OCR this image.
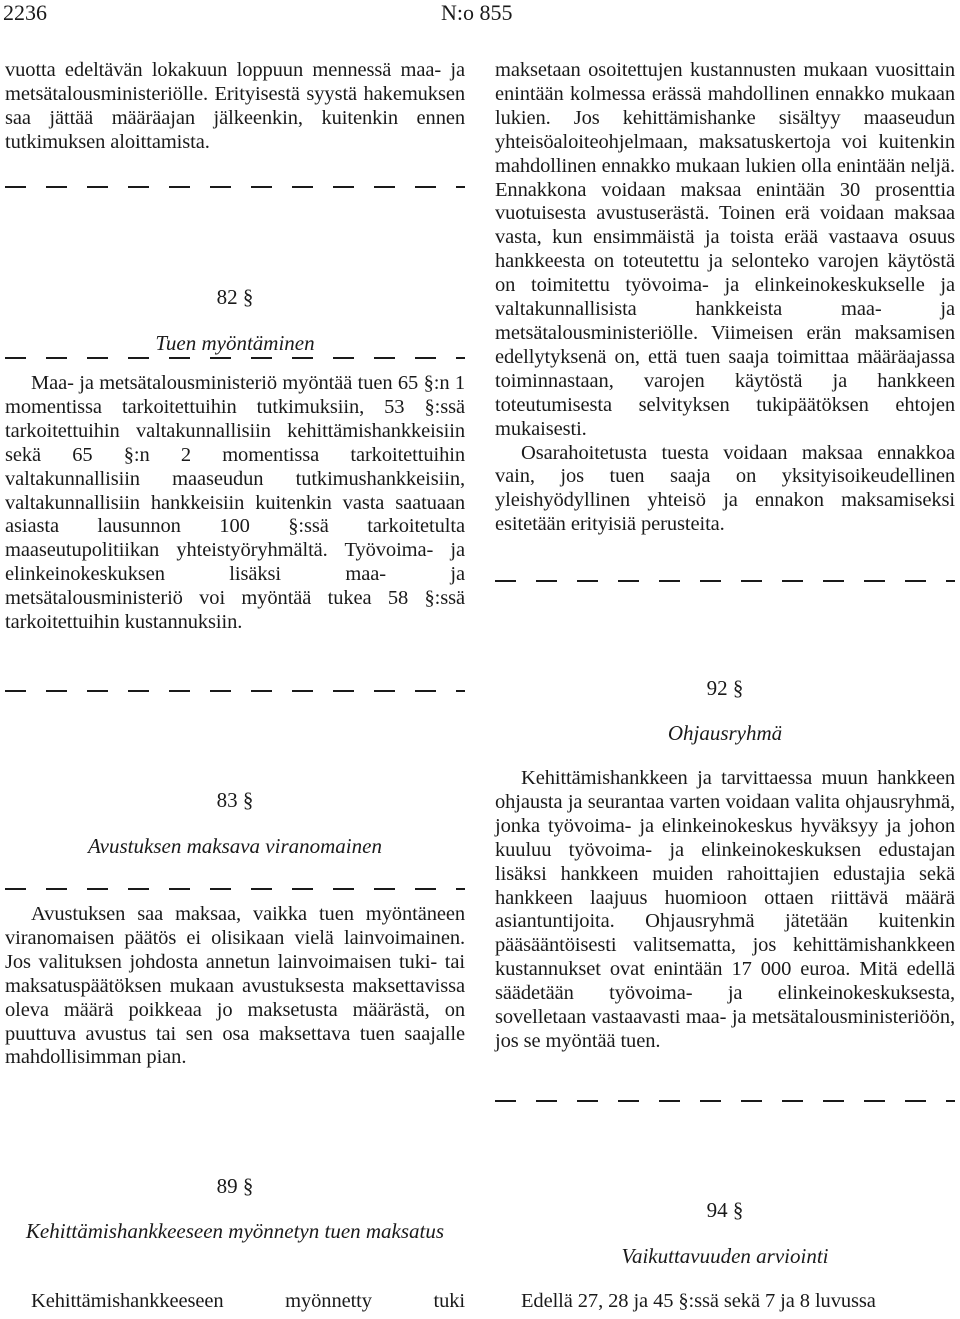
2236	N:o 855

vuotta edeltävän lokakuun loppuun mennessä maa- ja metsätalousministeriölle. Erityisestä syystä hakemuksen saa jättää määräajan jälkeenkin, kuitenkin ennen tutkimuksen aloittamista.

82 §
Tuen myöntäminen

Maa- ja metsätalousministeriö myöntää tuen 65 §:n 1 momentissa tarkoitettuihin tutkimuksiin, 53 §:ssä tarkoitettuihin valtakunnallisiin kehittämishankkeisiin sekä 65 §:n 2 momentissa tarkoitettuihin valtakunnallisiin maaseudun tutkimushankkeisiin, valtakunnallisiin hankkeisiin kuitenkin vasta saatuaan asiasta lausunnon 100 §:ssä tarkoitetulta maaseutupolitiikan yhteistyöryhmältä. Työvoima- ja elinkeinokeskuksen lisäksi maa- ja metsätalousministeriö voi myöntää tukea 58 §:ssä tarkoitettuihin kustannuksiin.

83 §
Avustuksen maksava viranomainen

Avustuksen saa maksaa, vaikka tuen myöntäneen viranomaisen päätös ei olisikaan vielä lainvoimainen. Jos valituksen johdosta annetun lainvoimaisen tuki- tai maksatuspäätöksen mukaan avustuksesta maksettavissa oleva määrä poikkeaa jo maksetusta määrästä, on puuttuva avustus tai sen osa maksettava tuen saajalle mahdollisimman pian.

89 §
Kehittämishankkeeseen myönnetyn tuen maksatus

Kehittämishankkeeseen myönnetty tuki

maksetaan osoitettujen kustannusten mukaan vuosittain enintään kolmessa erässä mahdollinen ennakko mukaan lukien. Jos kehittämishanke sisältyy maaseudun yhteisöaloiteohjelmaan, maksatuskertoja voi kuitenkin mahdollinen ennakko mukaan lukien olla enintään neljä. Ennakkona voidaan maksaa enintään 30 prosenttia vuotuisesta avustuserästä. Toinen erä voidaan maksaa vasta, kun ensimmäistä ja toista erää vastaava osuus hankkeesta on toteutettu ja selonteko varojen käytöstä on toimitettu työvoima- ja elinkeinokeskukselle ja valtakunnallisista hankkeista maa- ja metsätalousministeriölle. Viimeisen erän maksamisen edellytyksenä on, että tuen saaja toimittaa määräajassa toiminnastaan, varojen käytöstä ja hankkeen toteutumisesta selvityksen tukipäätöksen ehtojen mukaisesti.

Osarahoitetusta tuesta voidaan maksaa ennakkoa vain, jos tuen saaja on yksityisoikeudellinen yleishyödyllinen yhteisö ja ennakon maksamiseksi esitetään erityisiä perusteita.

92 §
Ohjausryhmä

Kehittämishankkeen ja tarvittaessa muun hankkeen ohjausta ja seurantaa varten voidaan valita ohjausryhmä, jonka työvoima- ja elinkeinokeskus hyväksyy ja johon kuuluu työvoima- ja elinkeinokeskuksen edustajan lisäksi hankkeen muiden rahoittajien edustajia sekä hankkeen laajuus huomioon ottaen riittävä määrä asiantuntijoita. Ohjausryhmä jätetään kuitenkin pääsääntöisesti valitsematta, jos kehittämishankkeen kustannukset ovat enintään 17 000 euroa. Mitä edellä säädetään työvoima- ja elinkeinokeskuksesta, sovelletaan vastaavasti maa- ja metsätalousministeriöön, jos se myöntää tuen.

94 §
Vaikuttavuuden arviointi

Edellä 27, 28 ja 45 §:ssä sekä 7 ja 8 luvussa
